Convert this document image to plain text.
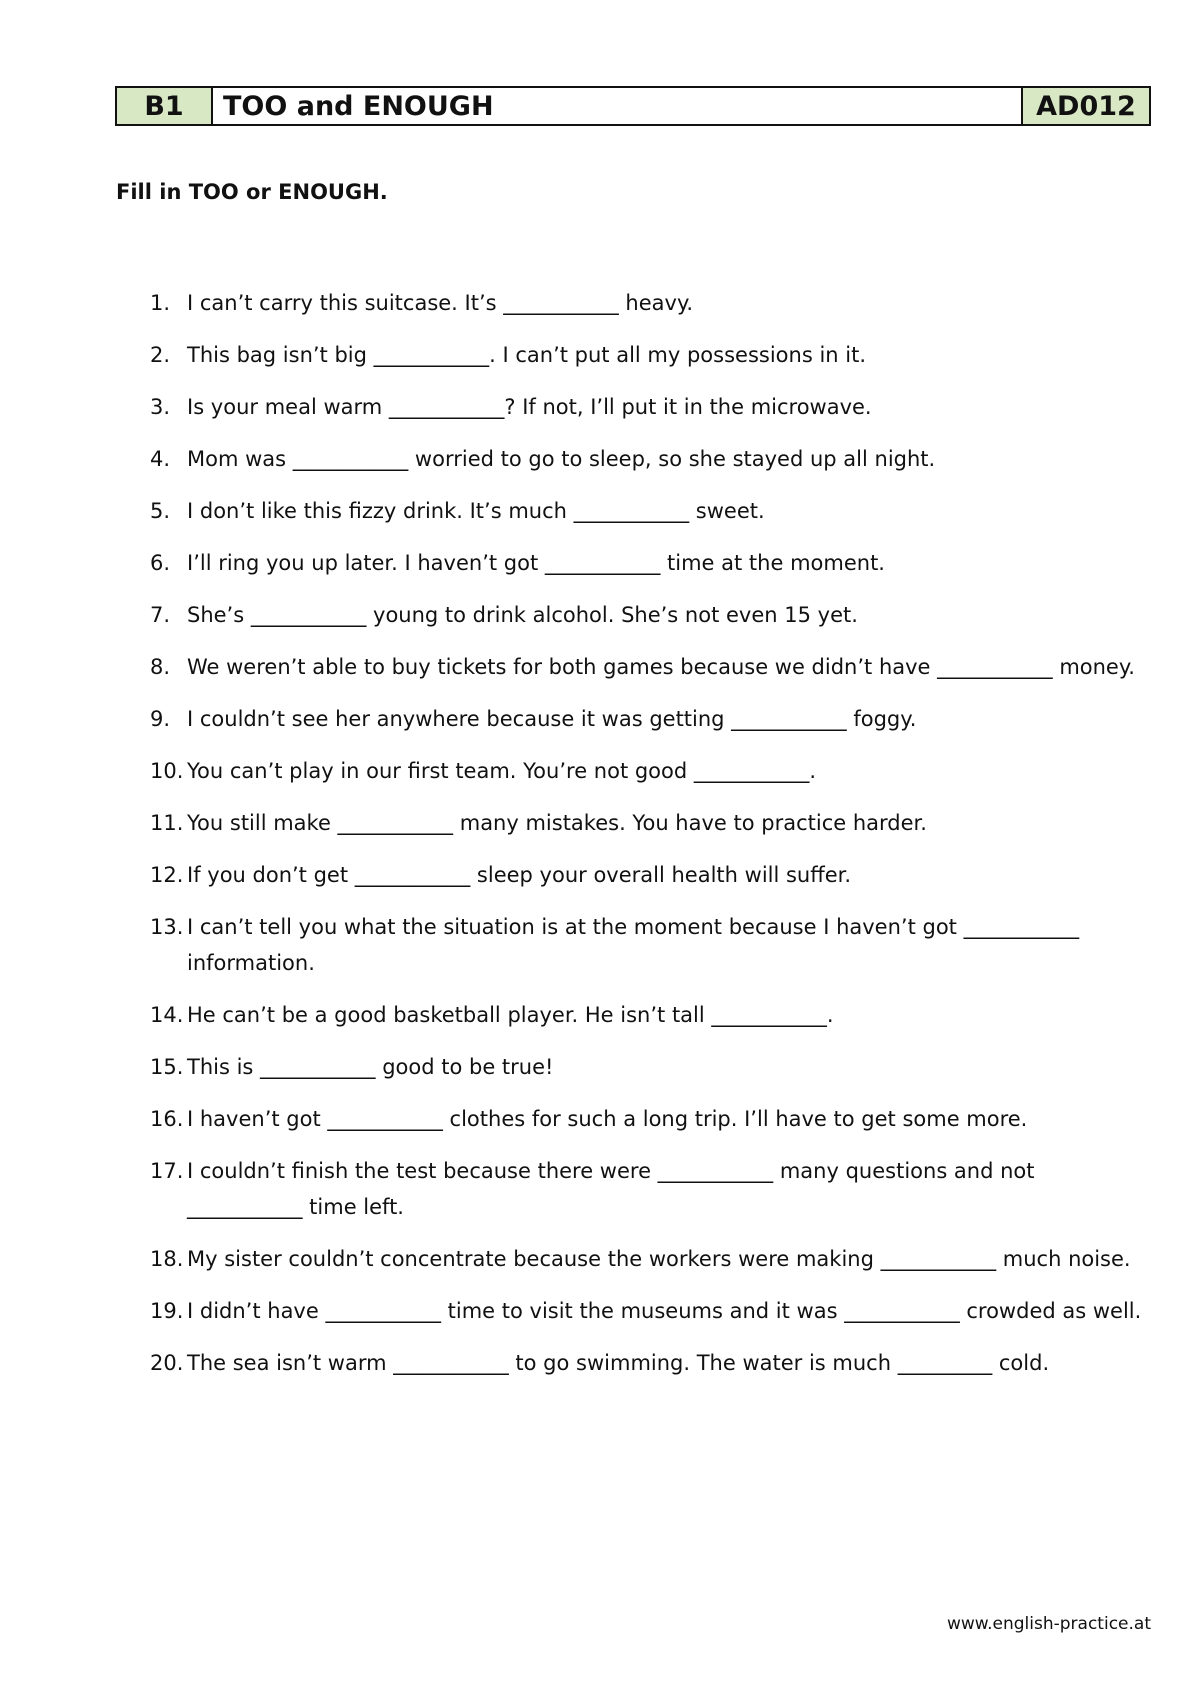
B1	TOO and ENOUGH	AD012
Fill in TOO or ENOUGH.
1. I can’t carry this suitcase. It’s ___________ heavy.
2. This bag isn’t big ___________. I can’t put all my possessions in it.
3. Is your meal warm ___________? If not, I’ll put it in the microwave.
4. Mom was ___________ worried to go to sleep, so she stayed up all night.
5. I don’t like this fizzy drink. It’s much ___________ sweet.
6. I’ll ring you up later. I haven’t got ___________ time at the moment.
7. She’s ___________ young to drink alcohol. She’s not even 15 yet.
8. We weren’t able to buy tickets for both games because we didn’t have ___________ money.
9. I couldn’t see her anywhere because it was getting ___________ foggy.
10. You can’t play in our first team. You’re not good ___________.
11. You still make ___________ many mistakes. You have to practice harder.
12. If you don’t get ___________ sleep your overall health will suffer.
13. I can’t tell you what the situation is at the moment because I haven’t got ___________ information.
14. He can’t be a good basketball player. He isn’t tall ___________.
15. This is ___________ good to be true!
16. I haven’t got ___________ clothes for such a long trip. I’ll have to get some more.
17. I couldn’t finish the test because there were ___________ many questions and not ___________ time left.
18. My sister couldn’t concentrate because the workers were making ___________ much noise.
19. I didn’t have ___________ time to visit the museums and it was ___________ crowded as well.
20. The sea isn’t warm ___________ to go swimming. The water is much _________ cold.
www.english-practice.at
